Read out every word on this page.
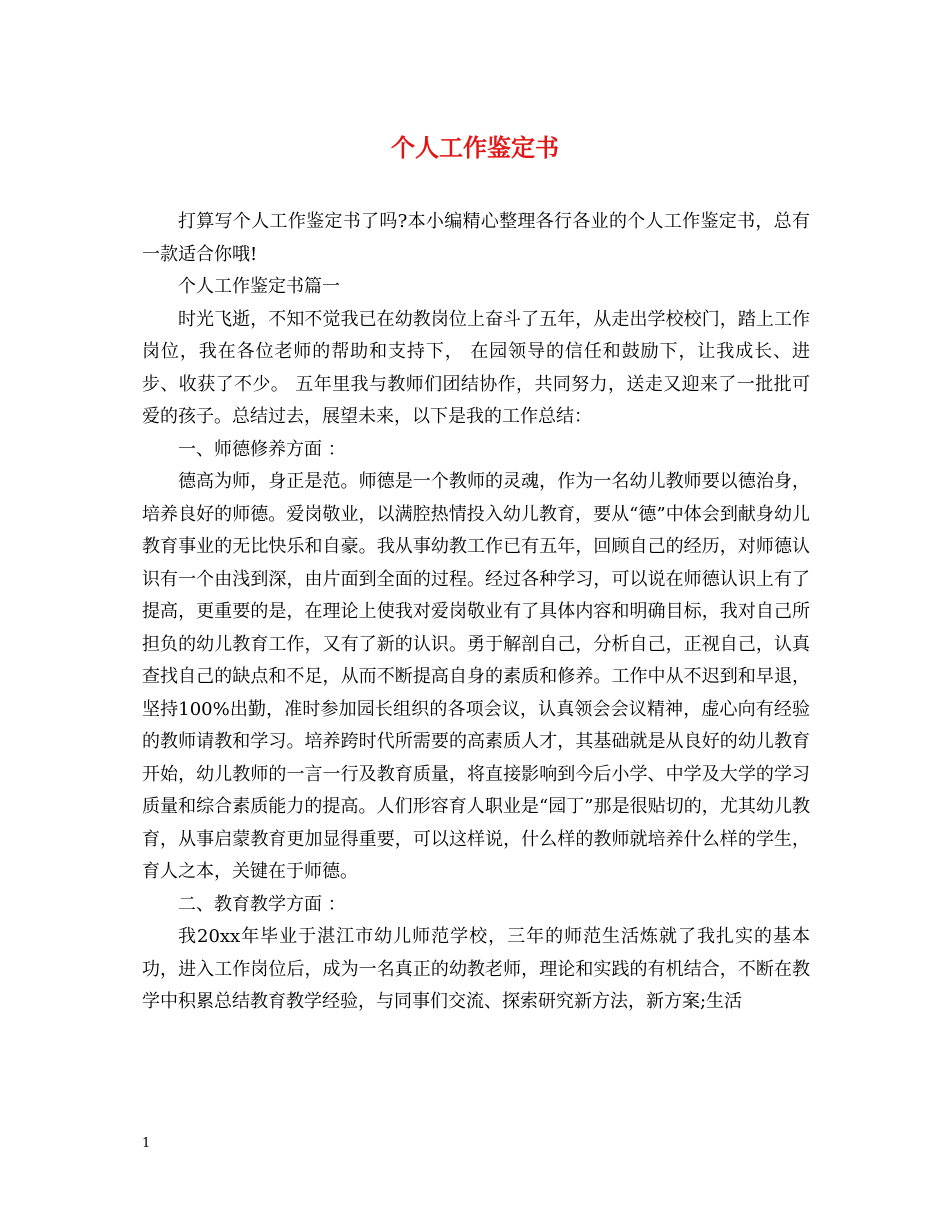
个人工作鉴定书

打算写个人工作鉴定书了吗?本小编精心整理各行各业的个人工作鉴定书，总有一款适合你哦!

个人工作鉴定书篇一

时光飞逝，不知不觉我已在幼教岗位上奋斗了五年，从走出学校校门，踏上工作岗位，我在各位老师的帮助和支持下， 在园领导的信任和鼓励下，让我成长、进步、收获了不少。 五年里我与教师们团结协作，共同努力，送走又迎来了一批批可爱的孩子。总结过去，展望未来，以下是我的工作总结：

一、师德修养方面 ：

德高为师，身正是范。师德是一个教师的灵魂，作为一名幼儿教师要以德治身，培养良好的师德。爱岗敬业，以满腔热情投入幼儿教育，要从“德”中体会到献身幼儿教育事业的无比快乐和自豪。我从事幼教工作已有五年，回顾自己的经历，对师德认识有一个由浅到深，由片面到全面的过程。经过各种学习，可以说在师德认识上有了提高，更重要的是，在理论上使我对爱岗敬业有了具体内容和明确目标，我对自己所担负的幼儿教育工作，又有了新的认识。勇于解剖自己，分析自己，正视自己，认真查找自己的缺点和不足，从而不断提高自身的素质和修养。工作中从不迟到和早退，坚持100%出勤，准时参加园长组织的各项会议，认真领会会议精神，虚心向有经验的教师请教和学习。培养跨时代所需要的高素质人才，其基础就是从良好的幼儿教育开始，幼儿教师的一言一行及教育质量，将直接影响到今后小学、中学及大学的学习质量和综合素质能力的提高。人们形容育人职业是“园丁”那是很贴切的，尤其幼儿教育，从事启蒙教育更加显得重要，可以这样说，什么样的教师就培养什么样的学生，育人之本，关键在于师德。

二、教育教学方面 ：

我20xx年毕业于湛江市幼儿师范学校，三年的师范生活炼就了我扎实的基本功，进入工作岗位后，成为一名真正的幼教老师，理论和实践的有机结合，不断在教学中积累总结教育教学经验，与同事们交流、探索研究新方法，新方案;生活

1
